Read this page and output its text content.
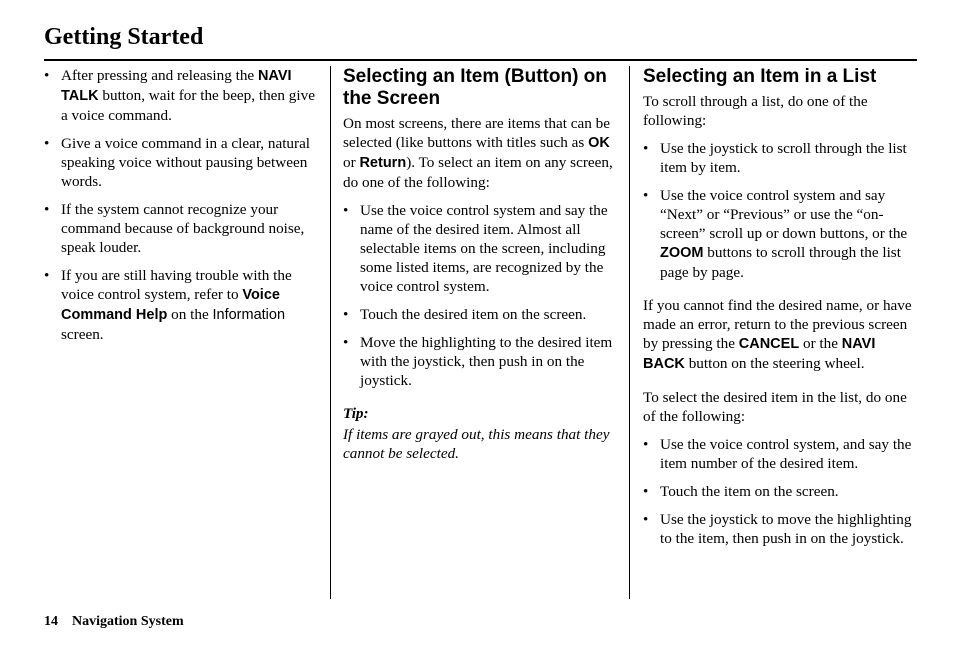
Getting Started
• After pressing and releasing the NAVI TALK button, wait for the beep, then give a voice command.
• Give a voice command in a clear, natural speaking voice without pausing between words.
• If the system cannot recognize your command because of background noise, speak louder.
• If you are still having trouble with the voice control system, refer to Voice Command Help on the Information screen.
Selecting an Item (Button) on the Screen

On most screens, there are items that can be selected (like buttons with titles such as OK or Return). To select an item on any screen, do one of the following:

• Use the voice control system and say the name of the desired item. Almost all selectable items on the screen, including some listed items, are recognized by the voice control system.
• Touch the desired item on the screen.
• Move the highlighting to the desired item with the joystick, then push in on the joystick.
Tip:
If items are grayed out, this means that they cannot be selected.
Selecting an Item in a List

To scroll through a list, do one of the following:

• Use the joystick to scroll through the list item by item.
• Use the voice control system and say “Next” or “Previous” or use the “on-screen” scroll up or down buttons, or the ZOOM buttons to scroll through the list page by page.

If you cannot find the desired name, or have made an error, return to the previous screen by pressing the CANCEL or the NAVI BACK button on the steering wheel.

To select the desired item in the list, do one of the following:

• Use the voice control system, and say the item number of the desired item.
• Touch the item on the screen.
• Use the joystick to move the highlighting to the item, then push in on the joystick.
14 Navigation System
